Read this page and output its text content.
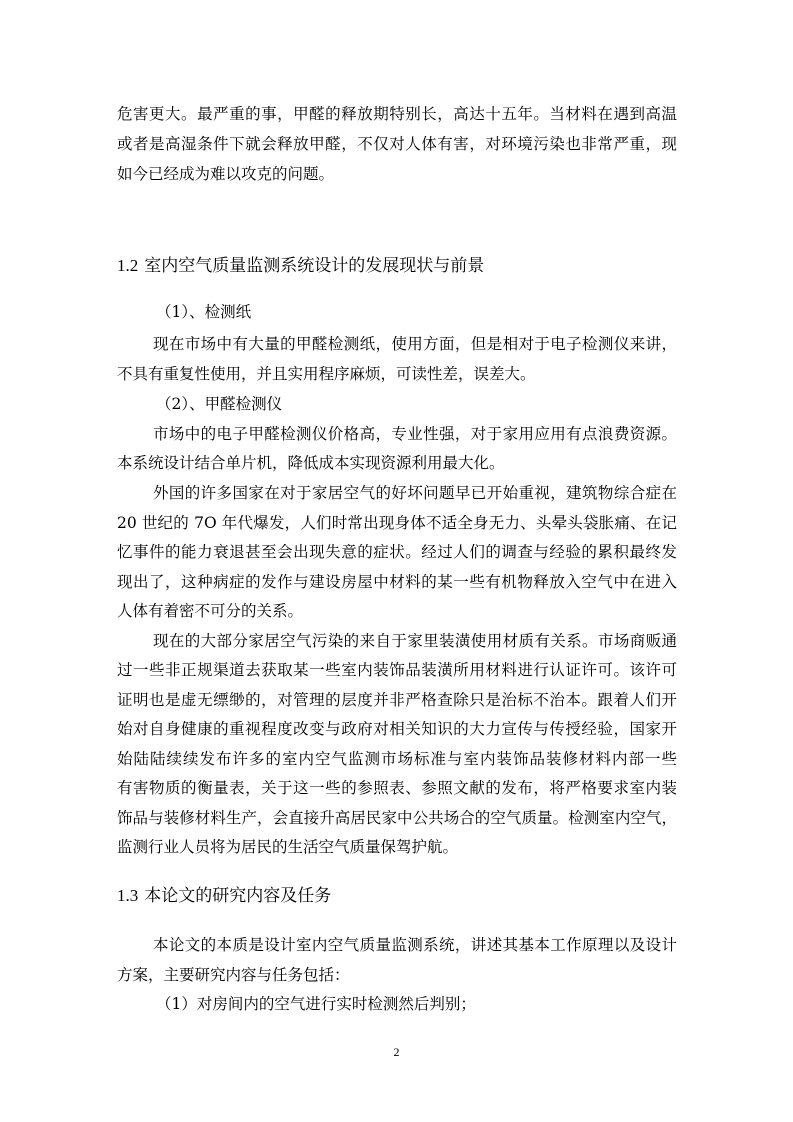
危害更大。最严重的事，甲醛的释放期特别长，高达十五年。当材料在遇到高温
或者是高湿条件下就会释放甲醛，不仅对人体有害，对环境污染也非常严重，现
如今已经成为难以攻克的问题。
1.2 室内空气质量监测系统设计的发展现状与前景
（1）、检测纸
现在市场中有大量的甲醛检测纸，使用方面，但是相对于电子检测仪来讲，
不具有重复性使用，并且实用程序麻烦，可读性差，误差大。
（2）、甲醛检测仪
市场中的电子甲醛检测仪价格高，专业性强，对于家用应用有点浪费资源。
本系统设计结合单片机，降低成本实现资源利用最大化。
外国的许多国家在对于家居空气的好坏问题早已开始重视，建筑物综合症在
20 世纪的 7O 年代爆发，人们时常出现身体不适全身无力、头晕头袋胀痛、在记
忆事件的能力衰退甚至会出现失意的症状。经过人们的调查与经验的累积最终发
现出了，这种病症的发作与建设房屋中材料的某一些有机物释放入空气中在进入
人体有着密不可分的关系。
现在的大部分家居空气污染的来自于家里装潢使用材质有关系。市场商贩通
过一些非正规渠道去获取某一些室内装饰品装潢所用材料进行认证许可。该许可
证明也是虚无缥缈的，对管理的层度并非严格查除只是治标不治本。跟着人们开
始对自身健康的重视程度改变与政府对相关知识的大力宣传与传授经验，国家开
始陆陆续续发布许多的室内空气监测市场标准与室内装饰品装修材料内部一些
有害物质的衡量表，关于这一些的参照表、参照文献的发布，将严格要求室内装
饰品与装修材料生产，会直接升高居民家中公共场合的空气质量。检测室内空气，
监测行业人员将为居民的生活空气质量保驾护航。
1.3 本论文的研究内容及任务
本论文的本质是设计室内空气质量监测系统，讲述其基本工作原理以及设计
方案，主要研究内容与任务包括：
（1）对房间内的空气进行实时检测然后判别；
2
